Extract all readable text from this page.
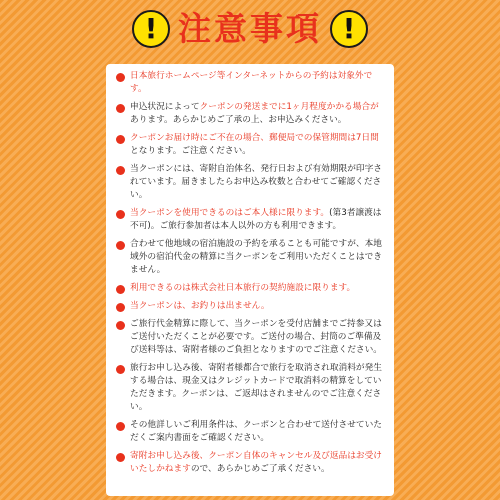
! 注意事項 !
日本旅行ホームページ等インターネットからの予約は対象外です。
申込状況によってクーポンの発送までに1ヶ月程度かかる場合があります。あらかじめご了承の上、お申込みください。
クーポンお届け時にご不在の場合、郵便局での保管期間は7日間となります。ご注意ください。
当クーポンには、寄附自治体名、発行日および有効期限が印字されています。届きましたらお申込み枚数と合わせてご確認ください。
当クーポンを使用できるのはご本人様に限ります。(第3者譲渡は不可)。ご旅行参加者は本人以外の方も利用できます。
合わせて他地域の宿泊施設の予約を承ることも可能ですが、本地域外の宿泊代金の精算に当クーポンをご利用いただくことはできません。
利用できるのは株式会社日本旅行の契約施設に限ります。
当クーポンは、お釣りは出ません。
ご旅行代金精算に際して、当クーポンを受付店舗までご持参又はご送付いただくことが必要です。ご送付の場合、封筒のご準備及び送料等は、寄附者様のご負担となりますのでご注意ください。
旅行お申し込み後、寄附者様都合で旅行を取消され取消料が発生する場合は、現金又はクレジットカードで取消料の精算をしていただきます。クーポンは、ご返却はされませんのでご注意ください。
その他詳しいご利用条件は、クーポンと合わせて送付させていただくご案内書面をご確認ください。
寄附お申し込み後、クーポン自体のキャンセル及び返品はお受けいたしかねますので、あらかじめご了承ください。
